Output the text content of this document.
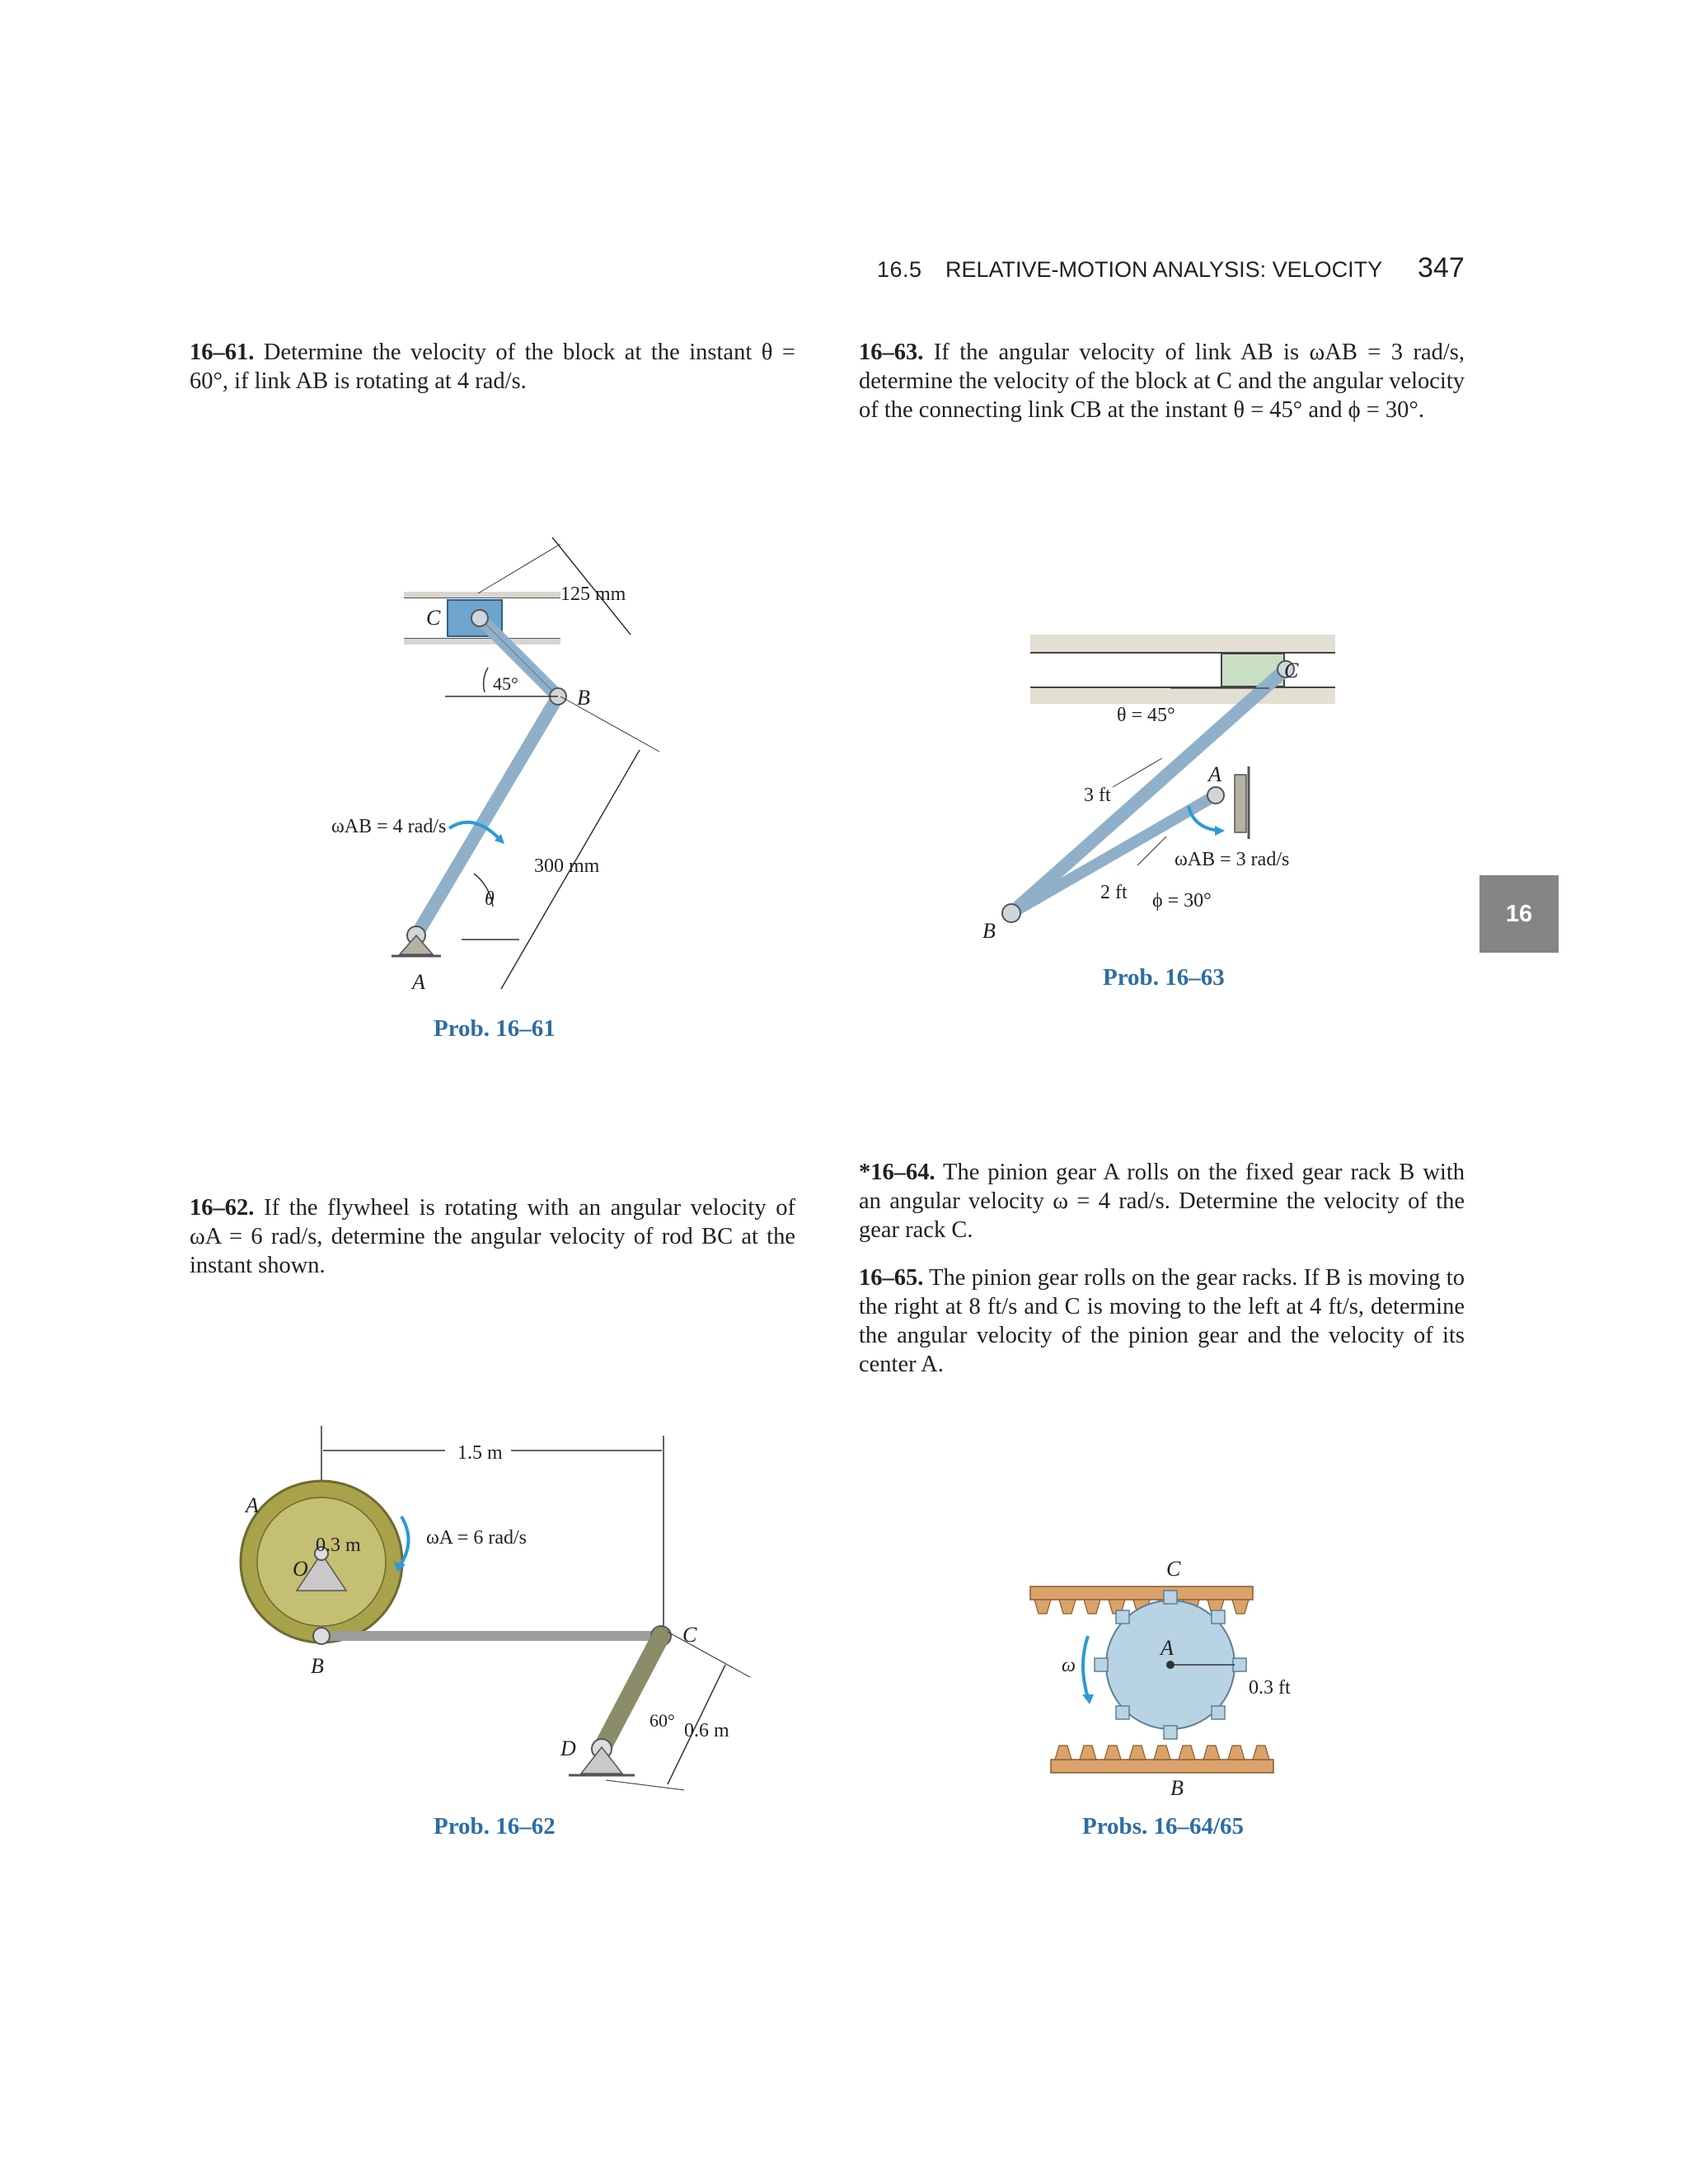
16.5 RELATIVE-MOTION ANALYSIS: VELOCITY 347
16
16–61. Determine the velocity of the block at the instant θ = 60°, if link AB is rotating at 4 rad/s.
16–63. If the angular velocity of link AB is ωAB = 3 rad/s, determine the velocity of the block at C and the angular velocity of the connecting link CB at the instant θ = 45° and ϕ = 30°.
16–62. If the flywheel is rotating with an angular velocity of ωA = 6 rad/s, determine the angular velocity of rod BC at the instant shown.
*16–64. The pinion gear A rolls on the fixed gear rack B with an angular velocity ω = 4 rad/s. Determine the velocity of the gear rack C.
16–65. The pinion gear rolls on the gear racks. If B is moving to the right at 8 ft/s and C is moving to the left at 4 ft/s, determine the angular velocity of the pinion gear and the velocity of its center A.
C
B
A
125 mm
300 mm
45°
θ
ωAB = 4 rad/s
Prob. 16–61
C
A
B
θ = 45°
3 ft
2 ft
ωAB = 3 rad/s
ϕ = 30°
Prob. 16–63
1.5 m
A
0.3 m
O
B
C
D
60° 0.6 m
ωA = 6 rad/s
Prob. 16–62
C
A
B
ω
0.3 ft
Probs. 16–64/65
